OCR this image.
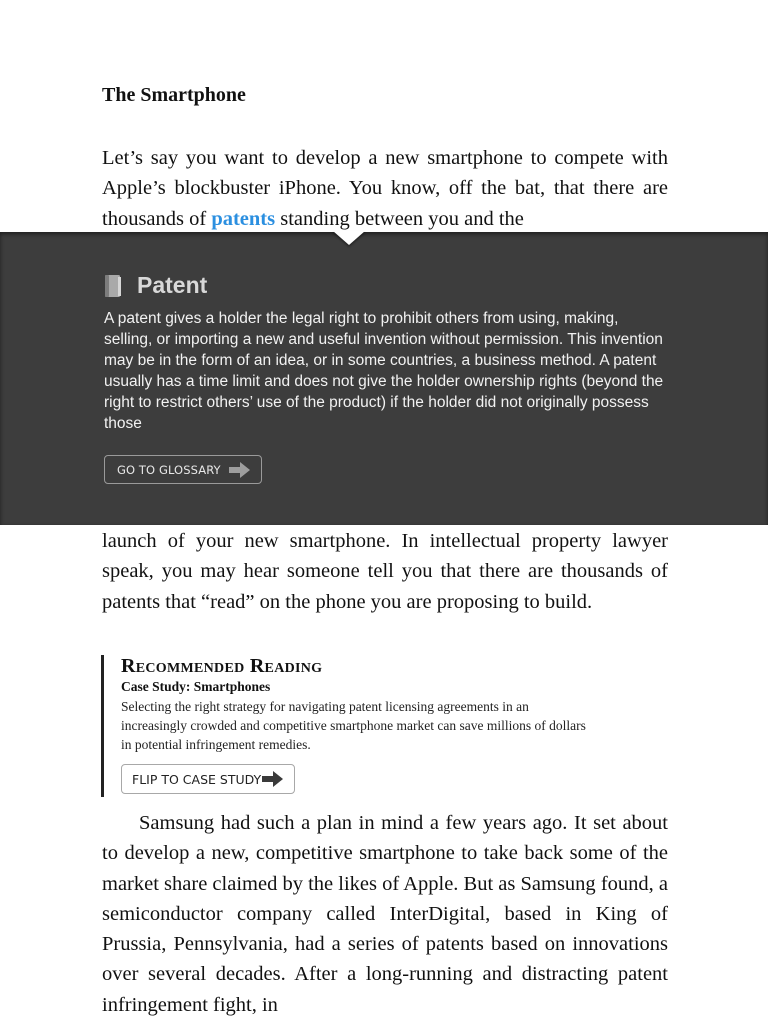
The Smartphone

Let’s say you want to develop a new smartphone to compete with Apple’s blockbuster iPhone. You know, off the bat, that there are thousands of patents standing between you and the

launch of your new smartphone. In intellectual property lawyer speak, you may hear someone tell you that there are thousands of patents that “read” on the phone you are proposing to build.

Recommended Reading
Case Study: Smartphones

Selecting the right strategy for navigating patent licensing agreements in an increasingly crowded and competitive smartphone market can save millions of dollars in potential infringement remedies.

FLIP TO CASE STUDY

Samsung had such a plan in mind a few years ago. It set about to develop a new, competitive smartphone to take back some of the market share claimed by the likes of Apple. But as Samsung found, a semiconductor company called InterDigital, based in King of Prussia, Pennsylvania, had a series of patents based on innovations over several decades. After a long-running and distracting patent infringement fight, in

Patent

A patent gives a holder the legal right to prohibit others from using, making, selling, or importing a new and useful invention without permission. This invention may be in the form of an idea, or in some countries, a business method. A patent usually has a time limit and does not give the holder ownership rights (beyond the right to restrict others’ use of the product) if the holder did not originally possess those

GO TO GLOSSARY
